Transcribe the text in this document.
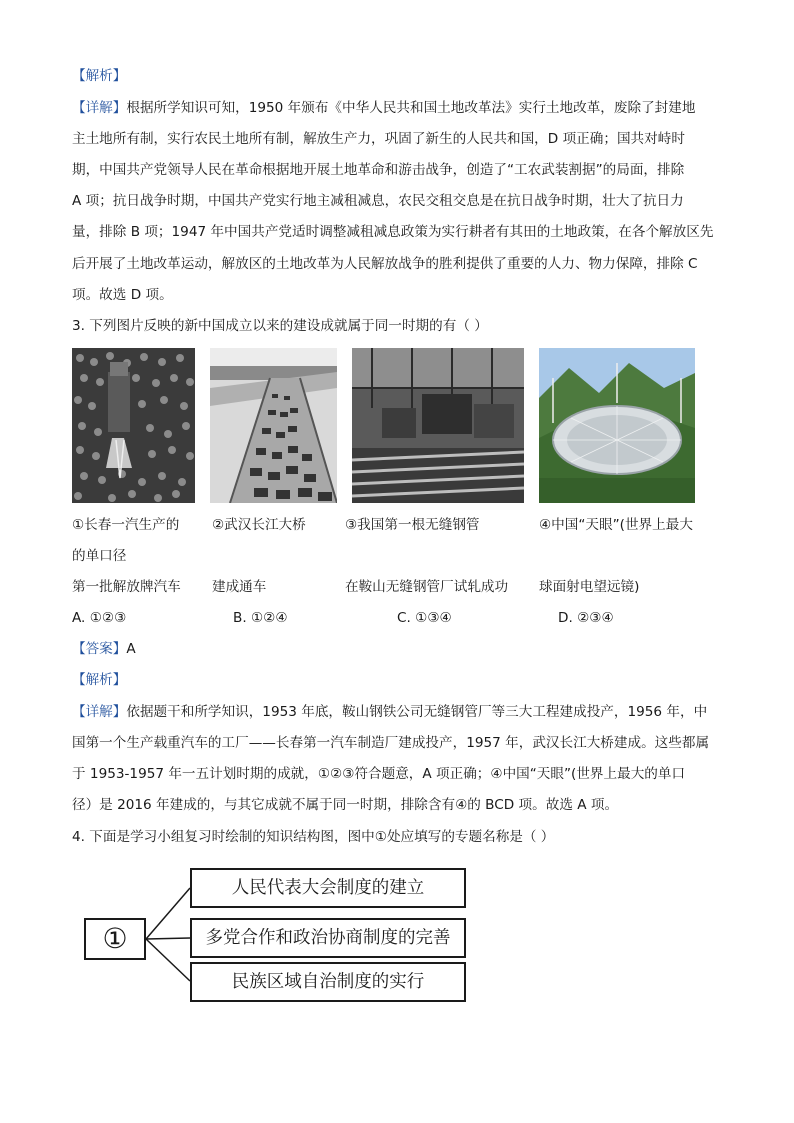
【解析】
【详解】根据所学知识可知，1950 年颁布《中华人民共和国土地改革法》实行土地改革，废除了封建地
主土地所有制，实行农民土地所有制，解放生产力，巩固了新生的人民共和国，D 项正确；国共对峙时
期，中国共产党领导人民在革命根据地开展土地革命和游击战争，创造了“工农武装割据”的局面，排除
A 项；抗日战争时期，中国共产党实行地主减租减息，农民交租交息是在抗日战争时期，壮大了抗日力
量，排除 B 项；1947 年中国共产党适时调整减租减息政策为实行耕者有其田的土地政策，在各个解放区先
后开展了土地改革运动，解放区的土地改革为人民解放战争的胜利提供了重要的人力、物力保障，排除 C
项。故选 D 项。
3. 下列图片反映的新中国成立以来的建设成就属于同一时期的有（ ）
①长春一汽生产的
的单口径
第一批解放牌汽车
②武汉长江大桥
建成通车
③我国第一根无缝钢管
在鞍山无缝钢管厂试轧成功
④中国“天眼”(世界上最大
球面射电望远镜)
A. ①②③	B. ①②④	C. ①③④	D. ②③④
【答案】A
【解析】
【详解】依据题干和所学知识，1953 年底，鞍山钢铁公司无缝钢管厂等三大工程建成投产，1956 年，中
国第一个生产载重汽车的工厂——长春第一汽车制造厂建成投产，1957 年，武汉长江大桥建成。这些都属
于 1953-1957 年一五计划时期的成就，①②③符合题意，A 项正确；④中国“天眼”(世界上最大的单口
径）是 2016 年建成的，与其它成就不属于同一时期，排除含有④的 BCD 项。故选 A 项。
4. 下面是学习小组复习时绘制的知识结构图，图中①处应填写的专题名称是（ ）
①
人民代表大会制度的建立
多党合作和政治协商制度的完善
民族区域自治制度的实行
